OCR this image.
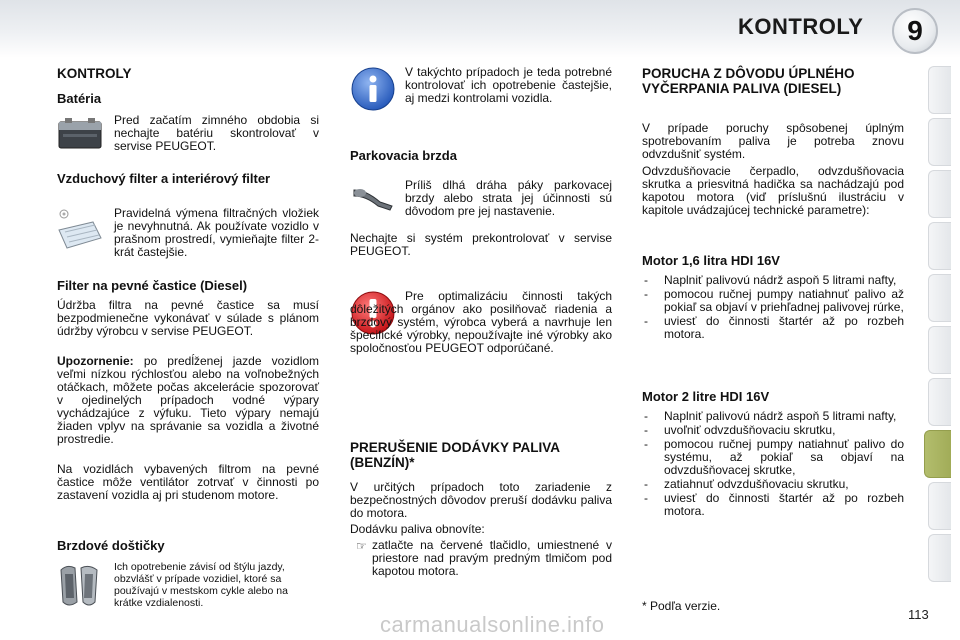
KONTROLY	9
KONTROLY
Batéria

Pred začatím zimného obdobia si nechajte batériu skontrolovať v servise PEUGEOT.

Vzduchový filter a interiérový filter

Pravidelná výmena filtračných vložiek je nevyhnutná. Ak používate vozidlo v prašnom prostredí, vymieňajte filter 2-krát častejšie.

Filter na pevné častice (Diesel)

Údržba filtra na pevné častice sa musí bezpodmienečne vykonávať v súlade s plánom údržby výrobcu v servise PEUGEOT.

Upozornenie: po predĺženej jazde vozidlom veľmi nízkou rýchlosťou alebo na voľnobežných otáčkach, môžete počas akcelerácie spozorovať v ojedinelých prípadoch vodné výpary vychádzajúce z výfuku. Tieto výpary nemajú žiaden vplyv na správanie sa vozidla a životné prostredie.

Na vozidlách vybavených filtrom na pevné častice môže ventilátor zotrvať v činnosti po zastavení vozidla aj pri studenom motore.

Brzdové doštičky

Ich opotrebenie závisí od štýlu jazdy, obzvlášť v prípade vozidiel, ktoré sa používajú v mestskom cykle alebo na krátke vzdialenosti.

V takýchto prípadoch je teda potrebné kontrolovať ich opotrebenie častejšie, aj medzi kontrolami vozidla.

Parkovacia brzda

Príliš dlhá dráha páky parkovacej brzdy alebo strata jej účinnosti sú dôvodom pre jej nastavenie.

Nechajte si systém prekontrolovať v servise PEUGEOT.

Pre optimalizáciu činnosti takých dôležitých orgánov ako posilňovač riadenia a brzdový systém, výrobca vyberá a navrhuje len špecifické výrobky, nepoužívajte iné výrobky ako spoločnosťou PEUGEOT odporúčané.

PRERUŠENIE DODÁVKY PALIVA (BENZÍN)*

V určitých prípadoch toto zariadenie z bezpečnostných dôvodov preruší dodávku paliva do motora.

Dodávku paliva obnovíte:

☞ zatlačte na červené tlačidlo, umiestnené v priestore nad pravým predným tlmičom pod kapotou motora.

PORUCHA Z DÔVODU ÚPLNÉHO VYČERPANIA PALIVA (DIESEL)

V prípade poruchy spôsobenej úplným spotrebovaním paliva je potreba znovu odvzdušniť systém.

Odvzdušňovacie čerpadlo, odvzdušňovacia skrutka a priesvitná hadička sa nachádzajú pod kapotou motora (viď príslušnú ilustráciu v kapitole uvádzajúcej technické parametre):

Motor 1,6 litra HDI 16V
- Naplniť palivovú nádrž aspoň 5 litrami nafty,
- pomocou ručnej pumpy natiahnuť palivo až pokiaľ sa objaví v priehľadnej palivovej rúrke,
- uviesť do činnosti štartér až po rozbeh motora.
Motor 2 litre HDI 16V
- Naplniť palivovú nádrž aspoň 5 litrami nafty,
- uvoľniť odvzdušňovaciu skrutku,
- pomocou ručnej pumpy natiahnuť palivo do systému, až pokiaľ sa objaví na odvzdušňovacej skrutke,
- zatiahnuť odvzdušňovaciu skrutku,
- uviesť do činnosti štartér až po rozbeh motora.
* Podľa verzie.
113
carmanualsonline.info
